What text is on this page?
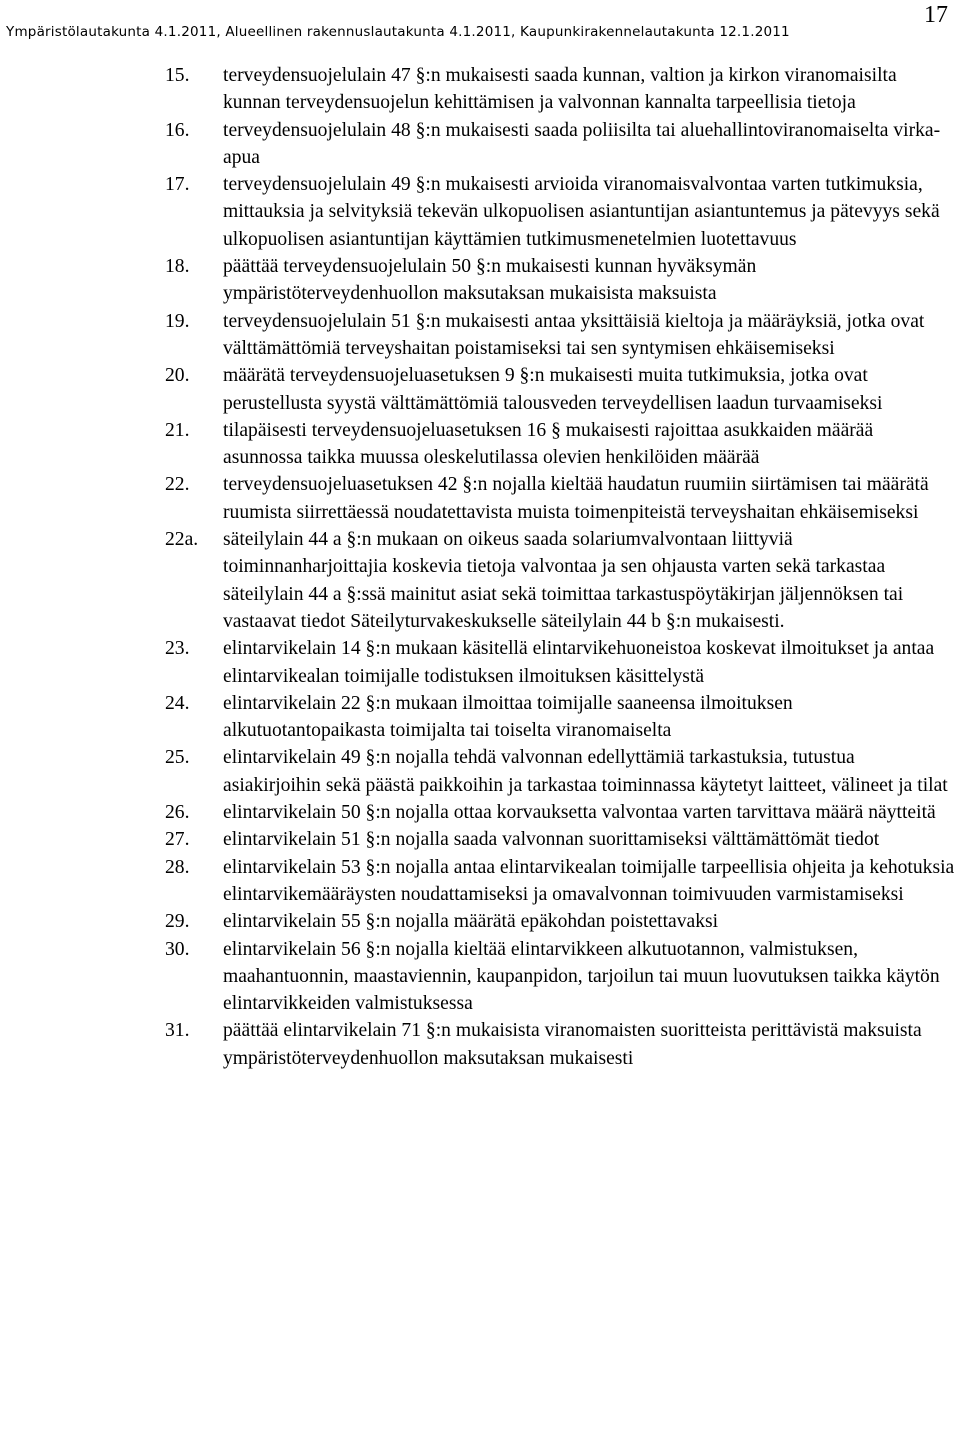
Ympäristölautakunta 4.1.2011, Alueellinen rakennuslautakunta 4.1.2011, Kaupunkirakennelautakunta 12.1.2011
17
15.	terveydensuojelulain 47 §:n mukaisesti saada kunnan, valtion ja kirkon viranomaisilta kunnan terveydensuojelun kehittämisen ja valvonnan kannalta tarpeellisia tietoja
16.	terveydensuojelulain 48 §:n mukaisesti saada poliisilta tai aluehallintoviranomaiselta virka-apua
17.	terveydensuojelulain 49 §:n mukaisesti arvioida viranomaisvalvontaa varten tutkimuksia, mittauksia ja selvityksiä tekevän ulkopuolisen asiantuntijan asiantuntemus ja pätevyys sekä ulkopuolisen asiantuntijan käyttämien tutkimusmenetelmien luotettavuus
18.	päättää terveydensuojelulain 50 §:n mukaisesti kunnan hyväksymän ympäristöterveydenhuollon maksutaksan mukaisista maksuista
19.	terveydensuojelulain 51 §:n mukaisesti antaa yksittäisiä kieltoja ja määräyksiä, jotka ovat välttämättömiä terveyshaitan poistamiseksi tai sen syntymisen ehkäisemiseksi
20.	määrätä terveydensuojeluasetuksen 9 §:n mukaisesti muita tutkimuksia, jotka ovat perustellusta syystä välttämättömiä talousveden terveydellisen laadun turvaamiseksi
21.	tilapäisesti terveydensuojeluasetuksen 16 § mukaisesti rajoittaa asukkaiden määrää asunnossa taikka muussa oleskelutilassa olevien henkilöiden määrää
22.	terveydensuojeluasetuksen 42 §:n nojalla kieltää haudatun ruumiin siirtämisen tai määrätä ruumista siirrettäessä noudatettavista muista toimenpiteistä terveyshaitan ehkäisemiseksi
22a.	säteilylain 44 a §:n mukaan on oikeus saada solariumvalvontaan liittyviä toiminnanharjoittajia koskevia tietoja valvontaa ja sen ohjausta varten sekä tarkastaa säteilylain 44 a §:ssä mainitut asiat sekä toimittaa tarkastuspöytäkirjan jäljennöksen tai vastaavat tiedot Säteilyturvakeskukselle säteilylain 44 b §:n mukaisesti.
23.	elintarvikelain 14 §:n mukaan käsitellä elintarvikehuoneistoa koskevat ilmoitukset ja antaa elintarvikealan toimijalle todistuksen ilmoituksen käsittelystä
24.	elintarvikelain 22 §:n mukaan ilmoittaa toimijalle saaneensa ilmoituksen alkutuotantopaikasta toimijalta tai toiselta viranomaiselta
25.	elintarvikelain 49 §:n nojalla tehdä valvonnan edellyttämiä tarkastuksia, tutustua asiakirjoihin sekä päästä paikkoihin ja tarkastaa toiminnassa käytetyt laitteet, välineet ja tilat
26.	elintarvikelain 50 §:n nojalla ottaa korvauksetta valvontaa varten tarvittava määrä näytteitä
27.	elintarvikelain 51 §:n nojalla saada valvonnan suorittamiseksi välttämättömät tiedot
28.	elintarvikelain 53 §:n nojalla antaa elintarvikealan toimijalle tarpeellisia ohjeita ja kehotuksia elintarvikemääräysten noudattamiseksi ja omavalvonnan toimivuuden varmistamiseksi
29.	elintarvikelain 55 §:n nojalla määrätä epäkohdan poistettavaksi
30.	elintarvikelain 56 §:n nojalla kieltää elintarvikkeen alkutuotannon, valmistuksen, maahantuonnin, maastaviennin, kaupanpidon, tarjoilun tai muun luovutuksen taikka käytön elintarvikkeiden valmistuksessa
31.	päättää elintarvikelain 71 §:n mukaisista viranomaisten suoritteista perittävistä maksuista ympäristöterveydenhuollon maksutaksan mukaisesti
